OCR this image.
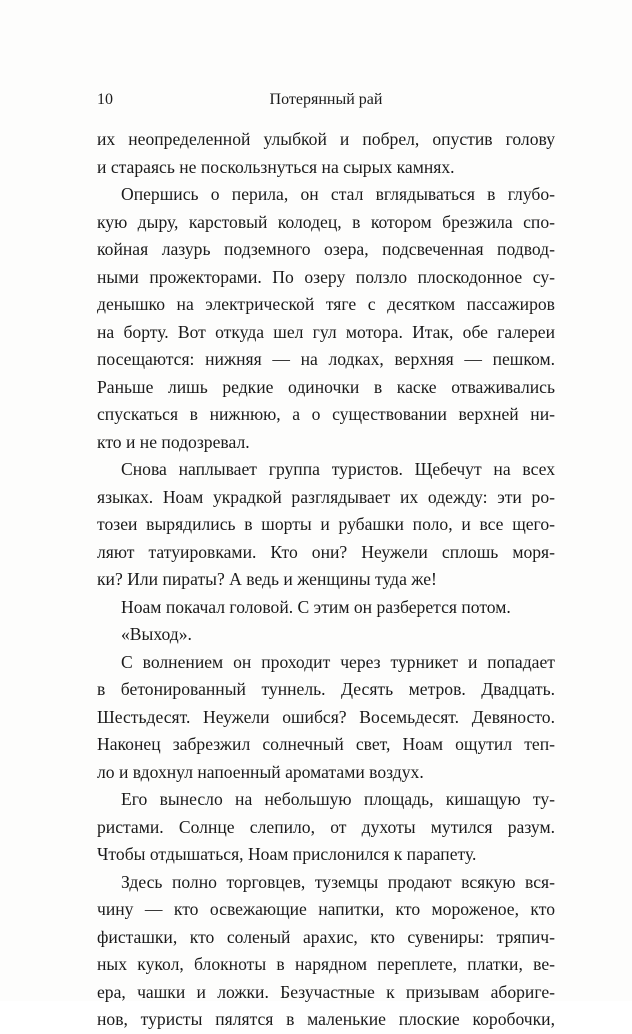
10	Потерянный рай
их неопределенной улыбкой и побрел, опустив голову
и стараясь не поскользнуться на сырых камнях.
Опершись о перила, он стал вглядываться в глубо-
кую дыру, карстовый колодец, в котором брезжила спо-
койная лазурь подземного озера, подсвеченная подвод-
ными прожекторами. По озеру ползло плоскодонное су-
денышко на электрической тяге с десятком пассажиров
на борту. Вот откуда шел гул мотора. Итак, обе галереи
посещаются: нижняя — на лодках, верхняя — пешком.
Раньше лишь редкие одиночки в каске отваживались
спускаться в нижнюю, а о существовании верхней ни-
кто и не подозревал.
Снова наплывает группа туристов. Щебечут на всех
языках. Ноам украдкой разглядывает их одежду: эти ро-
тозеи вырядились в шорты и рубашки поло, и все щего-
ляют татуировками. Кто они? Неужели сплошь моря-
ки? Или пираты? А ведь и женщины туда же!
Ноам покачал головой. С этим он разберется потом.
«Выход».
С волнением он проходит через турникет и попадает
в бетонированный туннель. Десять метров. Двадцать.
Шестьдесят. Неужели ошибся? Восемьдесят. Девяносто.
Наконец забрезжил солнечный свет, Ноам ощутил теп-
ло и вдохнул напоенный ароматами воздух.
Его вынесло на небольшую площадь, кишащую ту-
ристами. Солнце слепило, от духоты мутился разум.
Чтобы отдышаться, Ноам прислонился к парапету.
Здесь полно торговцев, туземцы продают всякую вся-
чину — кто освежающие напитки, кто мороженое, кто
фисташки, кто соленый арахис, кто сувениры: тряпич-
ных кукол, блокноты в нарядном переплете, платки, ве-
ера, чашки и ложки. Безучастные к призывам абориге-
нов, туристы пялятся в маленькие плоские коробочки,
